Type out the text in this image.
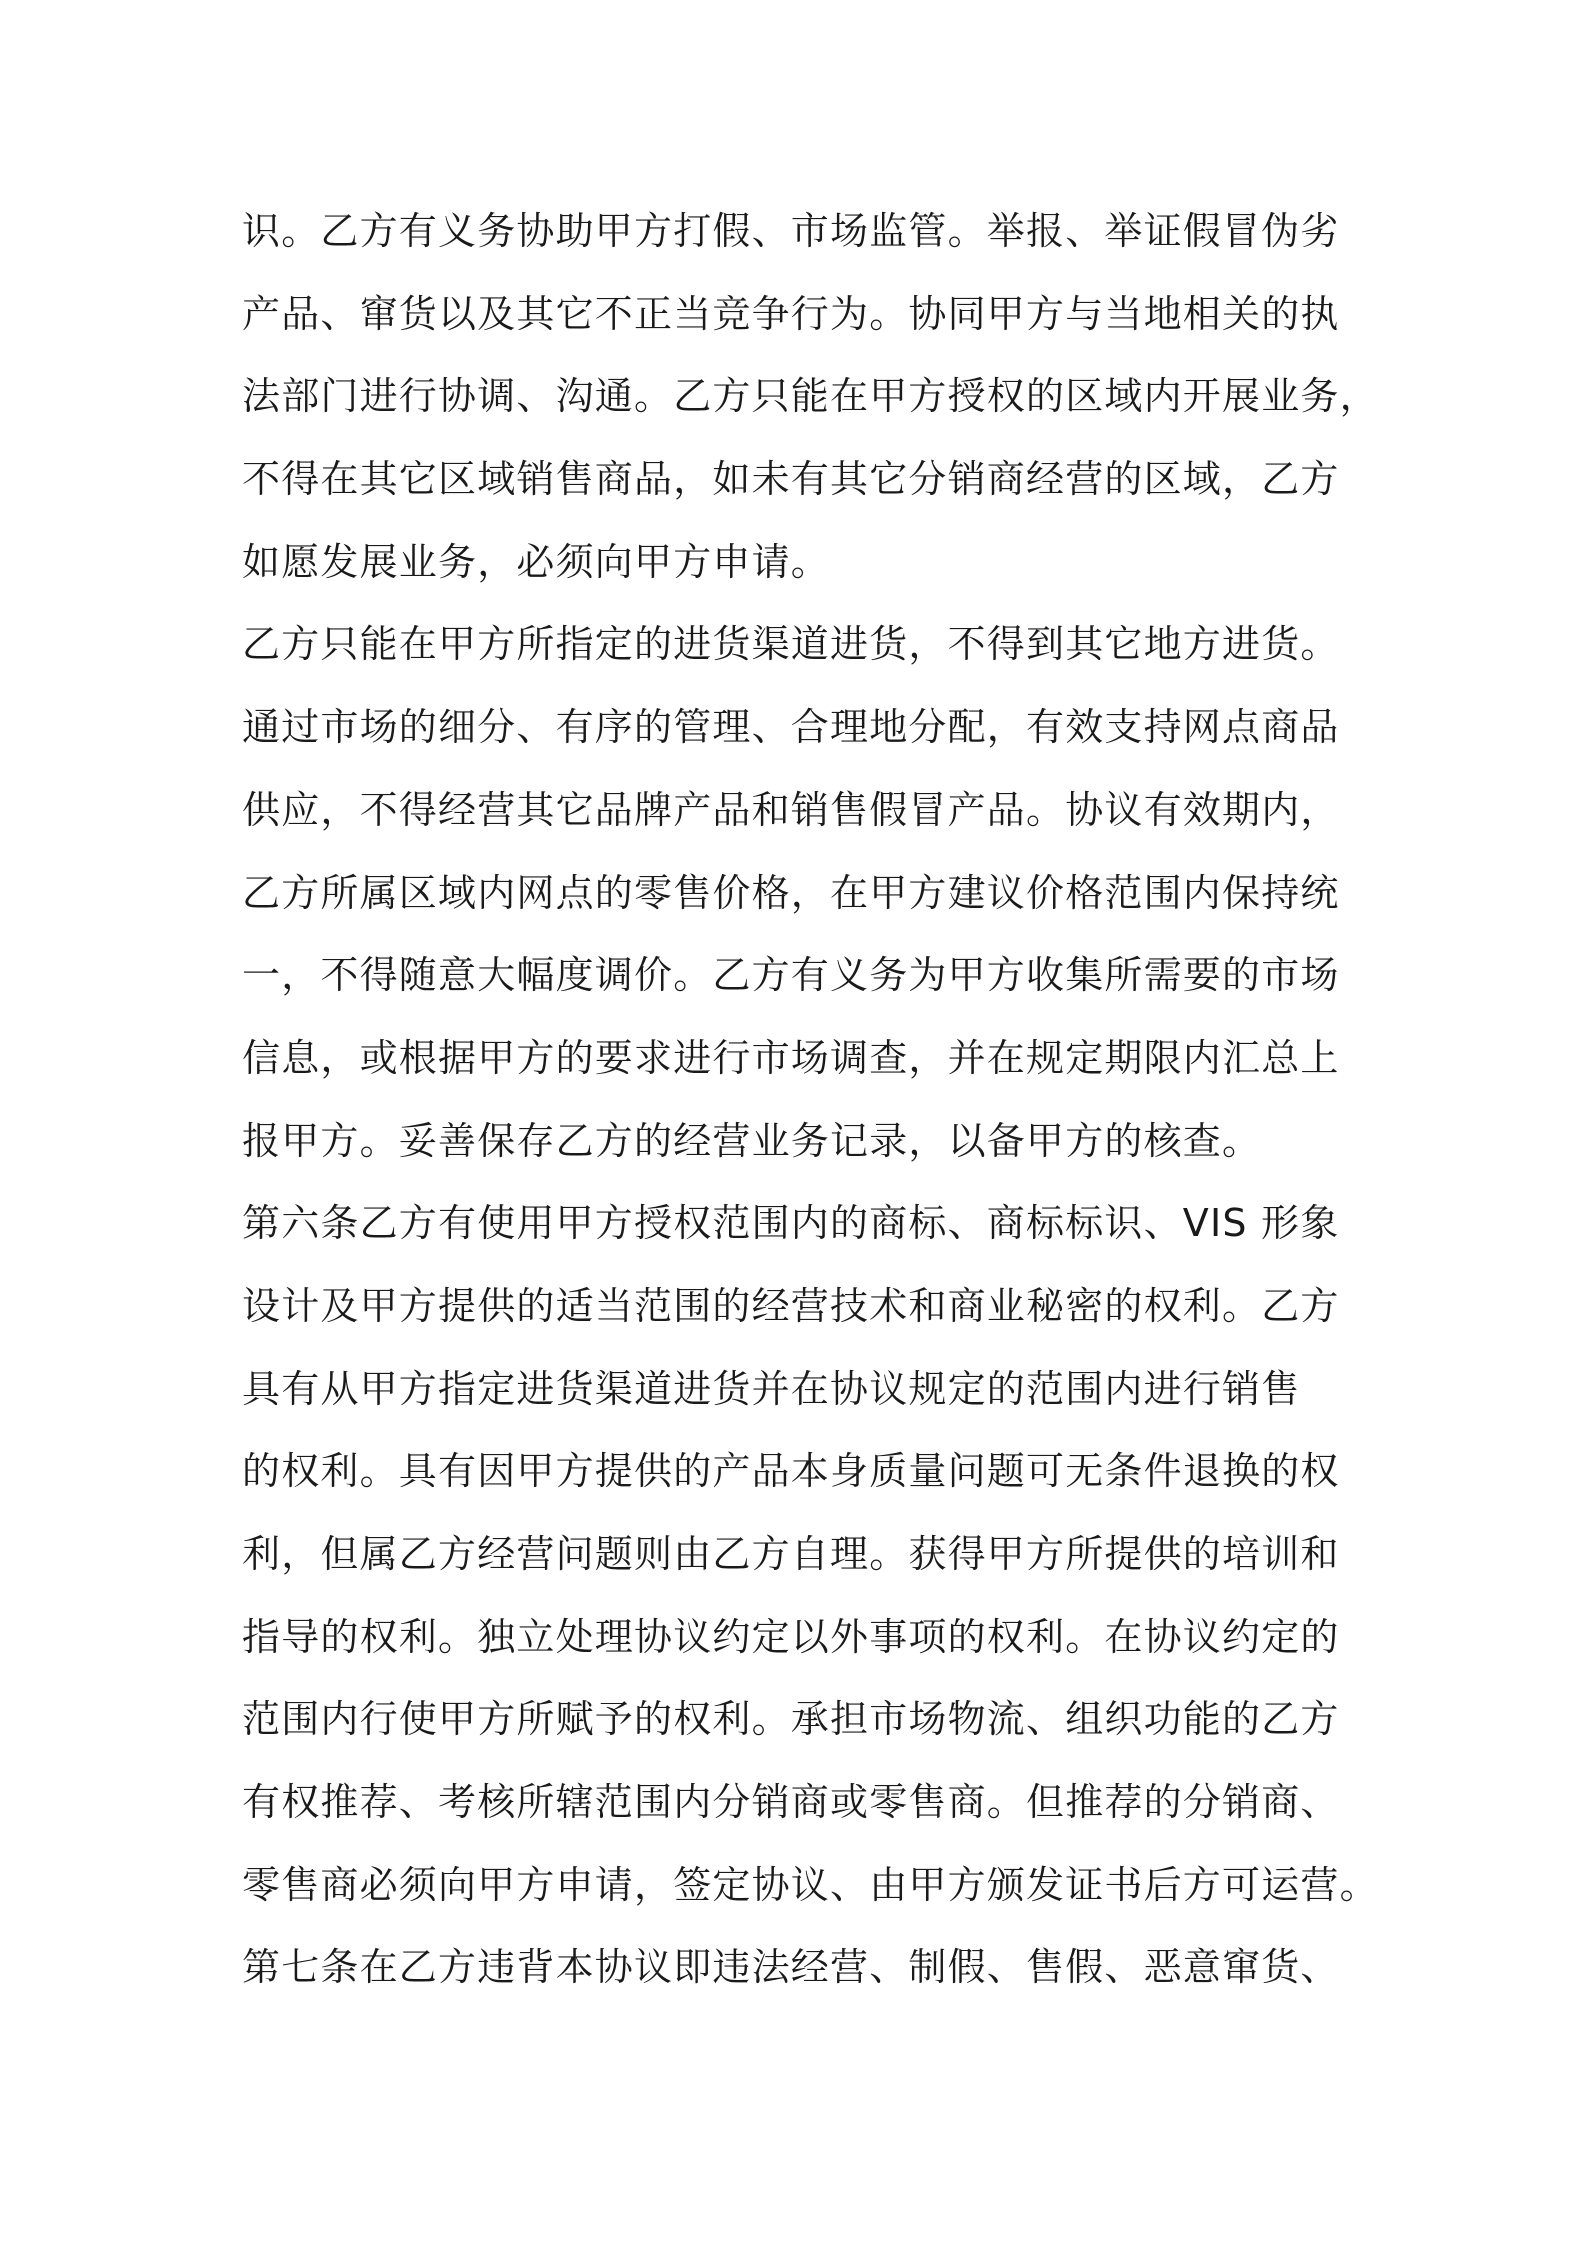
识。乙方有义务协助甲方打假、市场监管。举报、举证假冒伪劣
产品、窜货以及其它不正当竞争行为。协同甲方与当地相关的执
法部门进行协调、沟通。乙方只能在甲方授权的区域内开展业务，
不得在其它区域销售商品，如未有其它分销商经营的区域，乙方
如愿发展业务，必须向甲方申请。
乙方只能在甲方所指定的进货渠道进货，不得到其它地方进货。
通过市场的细分、有序的管理、合理地分配，有效支持网点商品
供应，不得经营其它品牌产品和销售假冒产品。协议有效期内，
乙方所属区域内网点的零售价格，在甲方建议价格范围内保持统
一，不得随意大幅度调价。乙方有义务为甲方收集所需要的市场
信息，或根据甲方的要求进行市场调查，并在规定期限内汇总上
报甲方。妥善保存乙方的经营业务记录，以备甲方的核查。
第六条乙方有使用甲方授权范围内的商标、商标标识、VIS 形象
设计及甲方提供的适当范围的经营技术和商业秘密的权利。乙方
具有从甲方指定进货渠道进货并在协议规定的范围内进行销售
的权利。具有因甲方提供的产品本身质量问题可无条件退换的权
利，但属乙方经营问题则由乙方自理。获得甲方所提供的培训和
指导的权利。独立处理协议约定以外事项的权利。在协议约定的
范围内行使甲方所赋予的权利。承担市场物流、组织功能的乙方
有权推荐、考核所辖范围内分销商或零售商。但推荐的分销商、
零售商必须向甲方申请，签定协议、由甲方颁发证书后方可运营。
第七条在乙方违背本协议即违法经营、制假、售假、恶意窜货、
